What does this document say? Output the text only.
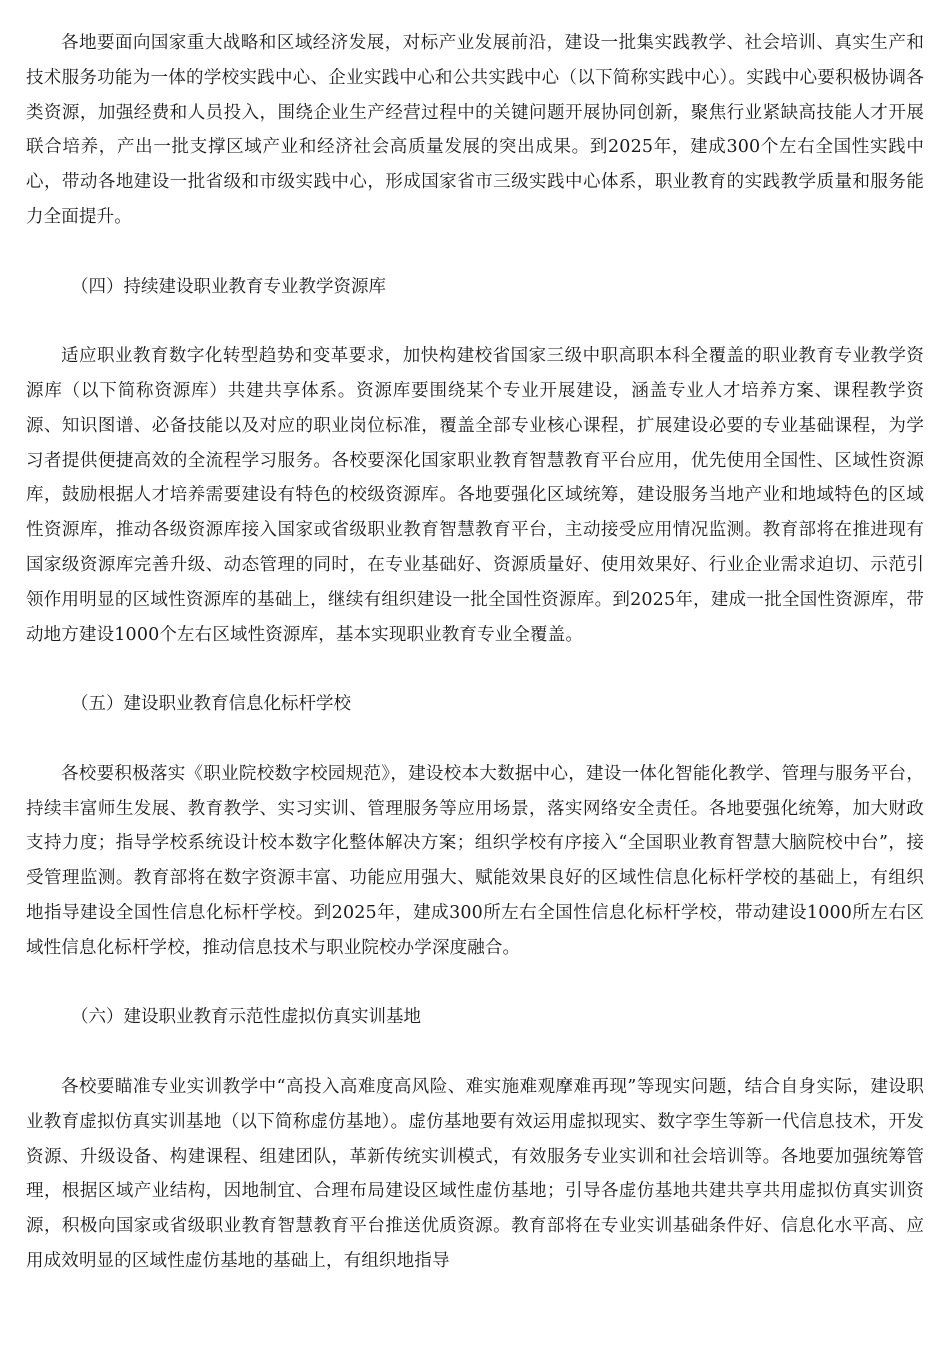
各地要面向国家重大战略和区域经济发展，对标产业发展前沿，建设一批集实践教学、社会培训、真实生产和技术服务功能为一体的学校实践中心、企业实践中心和公共实践中心（以下简称实践中心）。实践中心要积极协调各类资源，加强经费和人员投入，围绕企业生产经营过程中的关键问题开展协同创新，聚焦行业紧缺高技能人才开展联合培养，产出一批支撑区域产业和经济社会高质量发展的突出成果。到2025年，建成300个左右全国性实践中心，带动各地建设一批省级和市级实践中心，形成国家省市三级实践中心体系，职业教育的实践教学质量和服务能力全面提升。

（四）持续建设职业教育专业教学资源库

适应职业教育数字化转型趋势和变革要求，加快构建校省国家三级中职高职本科全覆盖的职业教育专业教学资源库（以下简称资源库）共建共享体系。资源库要围绕某个专业开展建设，涵盖专业人才培养方案、课程教学资源、知识图谱、必备技能以及对应的职业岗位标准，覆盖全部专业核心课程，扩展建设必要的专业基础课程，为学习者提供便捷高效的全流程学习服务。各校要深化国家职业教育智慧教育平台应用，优先使用全国性、区域性资源库，鼓励根据人才培养需要建设有特色的校级资源库。各地要强化区域统筹，建设服务当地产业和地域特色的区域性资源库，推动各级资源库接入国家或省级职业教育智慧教育平台，主动接受应用情况监测。教育部将在推进现有国家级资源库完善升级、动态管理的同时，在专业基础好、资源质量好、使用效果好、行业企业需求迫切、示范引领作用明显的区域性资源库的基础上，继续有组织建设一批全国性资源库。到2025年，建成一批全国性资源库，带动地方建设1000个左右区域性资源库，基本实现职业教育专业全覆盖。

（五）建设职业教育信息化标杆学校

各校要积极落实《职业院校数字校园规范》，建设校本大数据中心，建设一体化智能化教学、管理与服务平台，持续丰富师生发展、教育教学、实习实训、管理服务等应用场景，落实网络安全责任。各地要强化统筹，加大财政支持力度；指导学校系统设计校本数字化整体解决方案；组织学校有序接入“全国职业教育智慧大脑院校中台”，接受管理监测。教育部将在数字资源丰富、功能应用强大、赋能效果良好的区域性信息化标杆学校的基础上，有组织地指导建设全国性信息化标杆学校。到2025年，建成300所左右全国性信息化标杆学校，带动建设1000所左右区域性信息化标杆学校，推动信息技术与职业院校办学深度融合。

（六）建设职业教育示范性虚拟仿真实训基地

各校要瞄准专业实训教学中“高投入高难度高风险、难实施难观摩难再现”等现实问题，结合自身实际，建设职业教育虚拟仿真实训基地（以下简称虚仿基地）。虚仿基地要有效运用虚拟现实、数字孪生等新一代信息技术，开发资源、升级设备、构建课程、组建团队，革新传统实训模式，有效服务专业实训和社会培训等。各地要加强统筹管理，根据区域产业结构，因地制宜、合理布局建设区域性虚仿基地；引导各虚仿基地共建共享共用虚拟仿真实训资源，积极向国家或省级职业教育智慧教育平台推送优质资源。教育部将在专业实训基础条件好、信息化水平高、应用成效明显的区域性虚仿基地的基础上，有组织地指导
